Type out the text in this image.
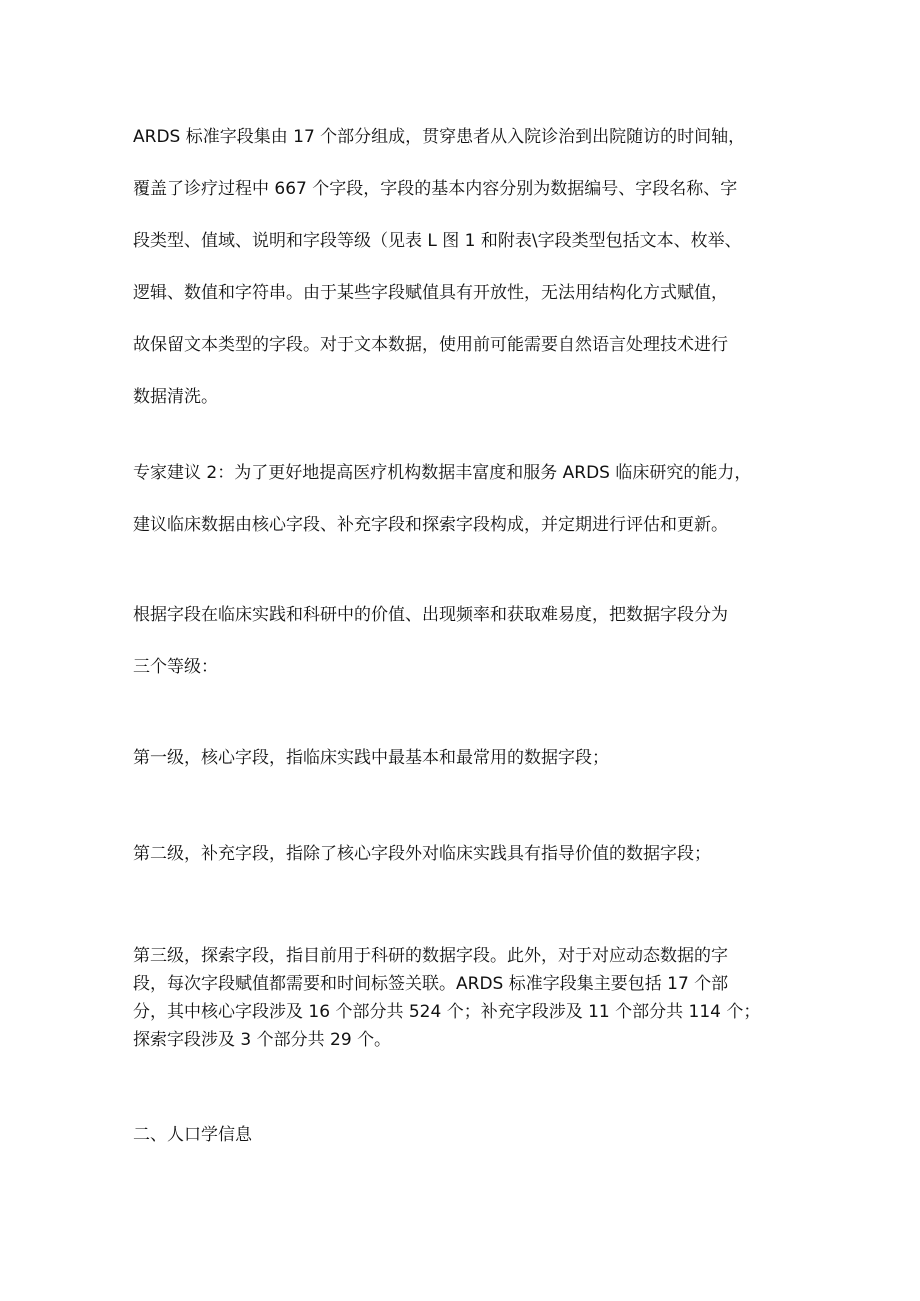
ARDS 标准字段集由 17 个部分组成，贯穿患者从入院诊治到出院随访的时间轴，
覆盖了诊疗过程中 667 个字段，字段的基本内容分别为数据编号、字段名称、字
段类型、值域、说明和字段等级（见表 L 图 1 和附表\字段类型包括文本、枚举、
逻辑、数值和字符串。由于某些字段赋值具有开放性，无法用结构化方式赋值，
故保留文本类型的字段。对于文本数据，使用前可能需要自然语言处理技术进行
数据清洗。
专家建议 2：为了更好地提高医疗机构数据丰富度和服务 ARDS 临床研究的能力，
建议临床数据由核心字段、补充字段和探索字段构成，并定期进行评估和更新。
根据字段在临床实践和科研中的价值、出现频率和获取难易度，把数据字段分为
三个等级：
第一级，核心字段，指临床实践中最基本和最常用的数据字段；
第二级，补充字段，指除了核心字段外对临床实践具有指导价值的数据字段；
第三级，探索字段，指目前用于科研的数据字段。此外，对于对应动态数据的字
段，每次字段赋值都需要和时间标签关联。ARDS 标准字段集主要包括 17 个部
分，其中核心字段涉及 16 个部分共 524 个；补充字段涉及 11 个部分共 114 个；
探索字段涉及 3 个部分共 29 个。
二、人口学信息
